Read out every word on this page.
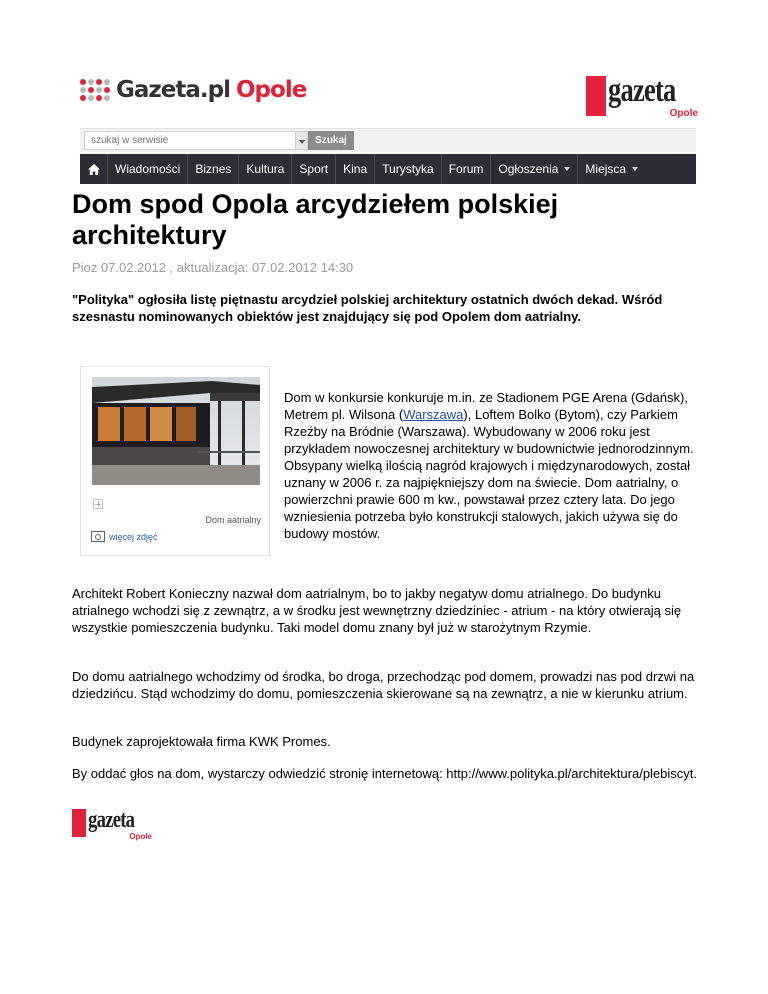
Gazeta.pl Opole	gazeta
Opole
szukaj w serwisie
Szukaj
Wiadomości Biznes Kultura Sport Kina Turystyka Forum Ogłoszenia Miejsca
Dom spod Opola arcydziełem polskiej architektury
Pioz 07.02.2012 , aktualizacja: 07.02.2012 14:30

"Polityka" ogłosiła listę piętnastu arcydzieł polskiej architektury ostatnich dwóch dekad. Wśród szesnastu nominowanych obiektów jest znajdujący się pod Opolem dom aatrialny.

Dom aatrialny
więcej zdjęć

Dom w konkursie konkuruje m.in. ze Stadionem PGE Arena (Gdańsk), Metrem pl. Wilsona (Warszawa), Loftem Bolko (Bytom), czy Parkiem Rzeźby na Bródnie (Warszawa). Wybudowany w 2006 roku jest przykładem nowoczesnej architektury w budownictwie jednorodzinnym. Obsypany wielką ilością nagród krajowych i międzynarodowych, został uznany w 2006 r. za najpiękniejszy dom na świecie. Dom aatrialny, o powierzchni prawie 600 m kw., powstawał przez cztery lata. Do jego wzniesienia potrzeba było konstrukcji stalowych, jakich używa się do budowy mostów.

Architekt Robert Konieczny nazwał dom aatrialnym, bo to jakby negatyw domu atrialnego. Do budynku atrialnego wchodzi się z zewnątrz, a w środku jest wewnętrzny dziedziniec - atrium - na który otwierają się wszystkie pomieszczenia budynku. Taki model domu znany był już w starożytnym Rzymie.

Do domu aatrialnego wchodzimy od środka, bo droga, przechodząc pod domem, prowadzi nas pod drzwi na dziedzińcu. Stąd wchodzimy do domu, pomieszczenia skierowane są na zewnątrz, a nie w kierunku atrium.

Budynek zaprojektowała firma KWK Promes.

By oddać głos na dom, wystarczy odwiedzić stronię internetową: http://www.polityka.pl/architektura/plebiscyt.

gazeta
Opole
